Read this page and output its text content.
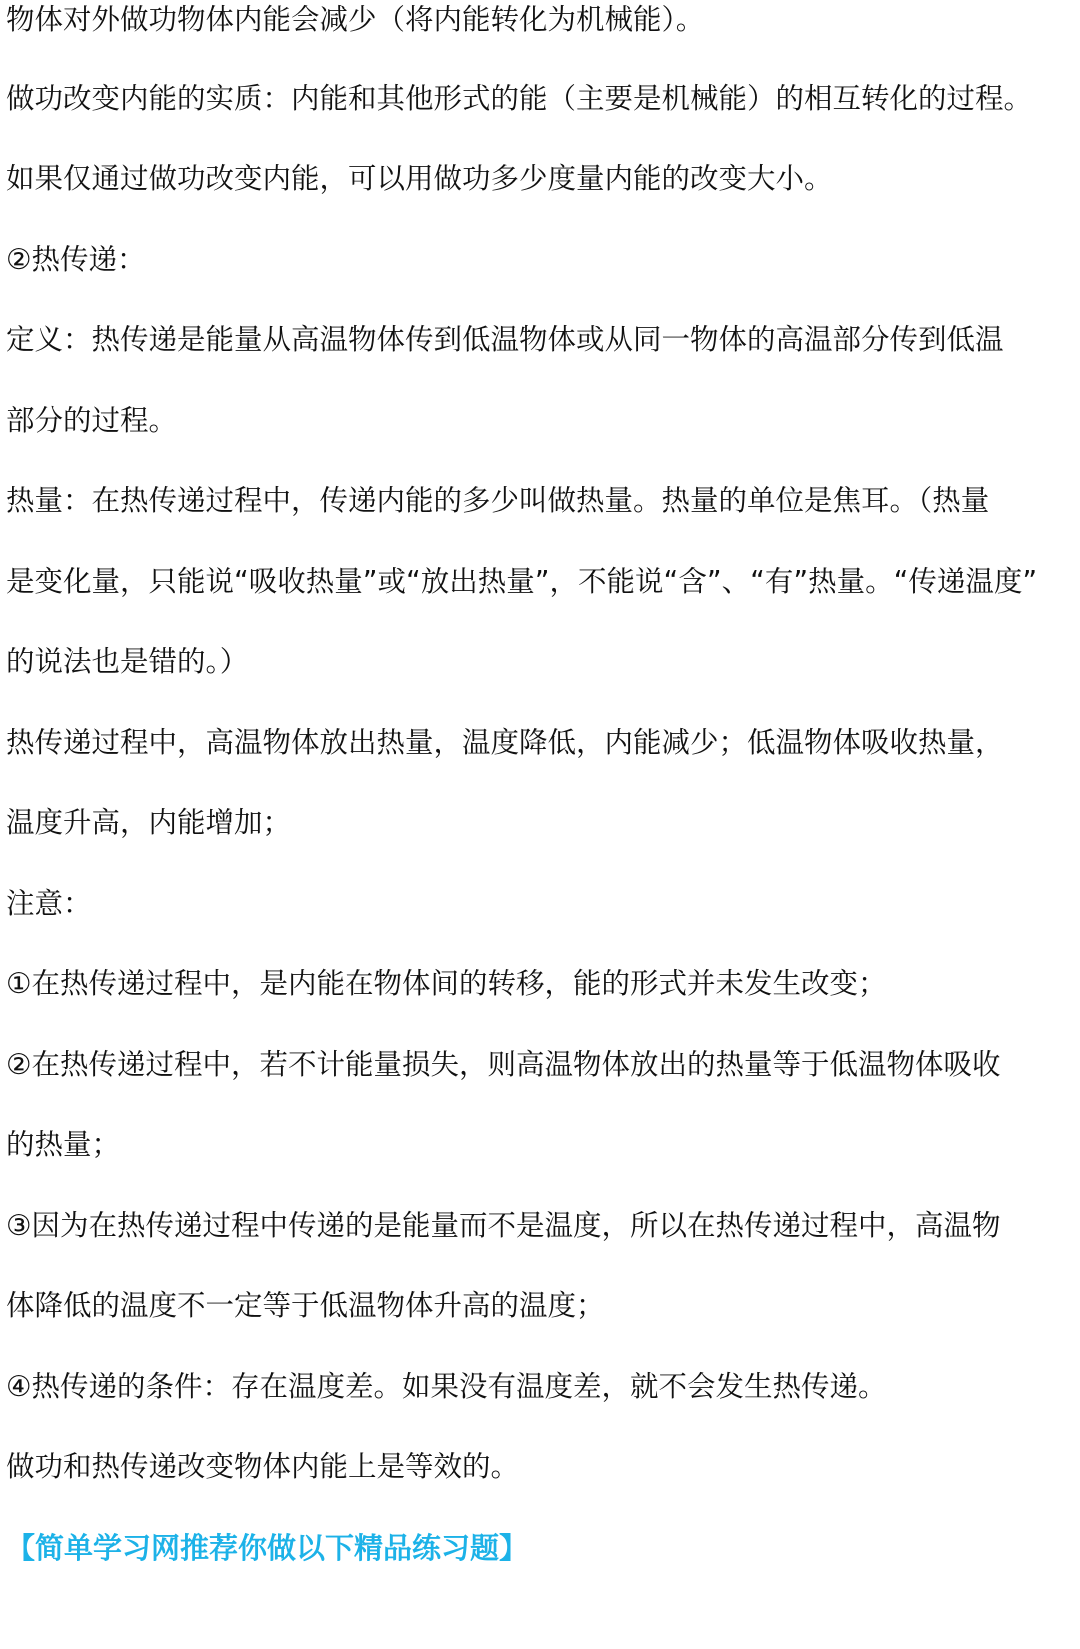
物体对外做功物体内能会减少（将内能转化为机械能）。
做功改变内能的实质：内能和其他形式的能（主要是机械能）的相互转化的过程。
如果仅通过做功改变内能，可以用做功多少度量内能的改变大小。
②热传递：
定义：热传递是能量从高温物体传到低温物体或从同一物体的高温部分传到低温
部分的过程。
热量：在热传递过程中，传递内能的多少叫做热量。热量的单位是焦耳。（热量
是变化量，只能说“吸收热量”或“放出热量”，不能说“含”、“有”热量。“传递温度”
的说法也是错的。）
热传递过程中，高温物体放出热量，温度降低，内能减少；低温物体吸收热量，
温度升高，内能增加；
注意：
①在热传递过程中，是内能在物体间的转移，能的形式并未发生改变；
②在热传递过程中，若不计能量损失，则高温物体放出的热量等于低温物体吸收
的热量；
③因为在热传递过程中传递的是能量而不是温度，所以在热传递过程中，高温物
体降低的温度不一定等于低温物体升高的温度；
④热传递的条件：存在温度差。如果没有温度差，就不会发生热传递。
做功和热传递改变物体内能上是等效的。
【简单学习网推荐你做以下精品练习题】
